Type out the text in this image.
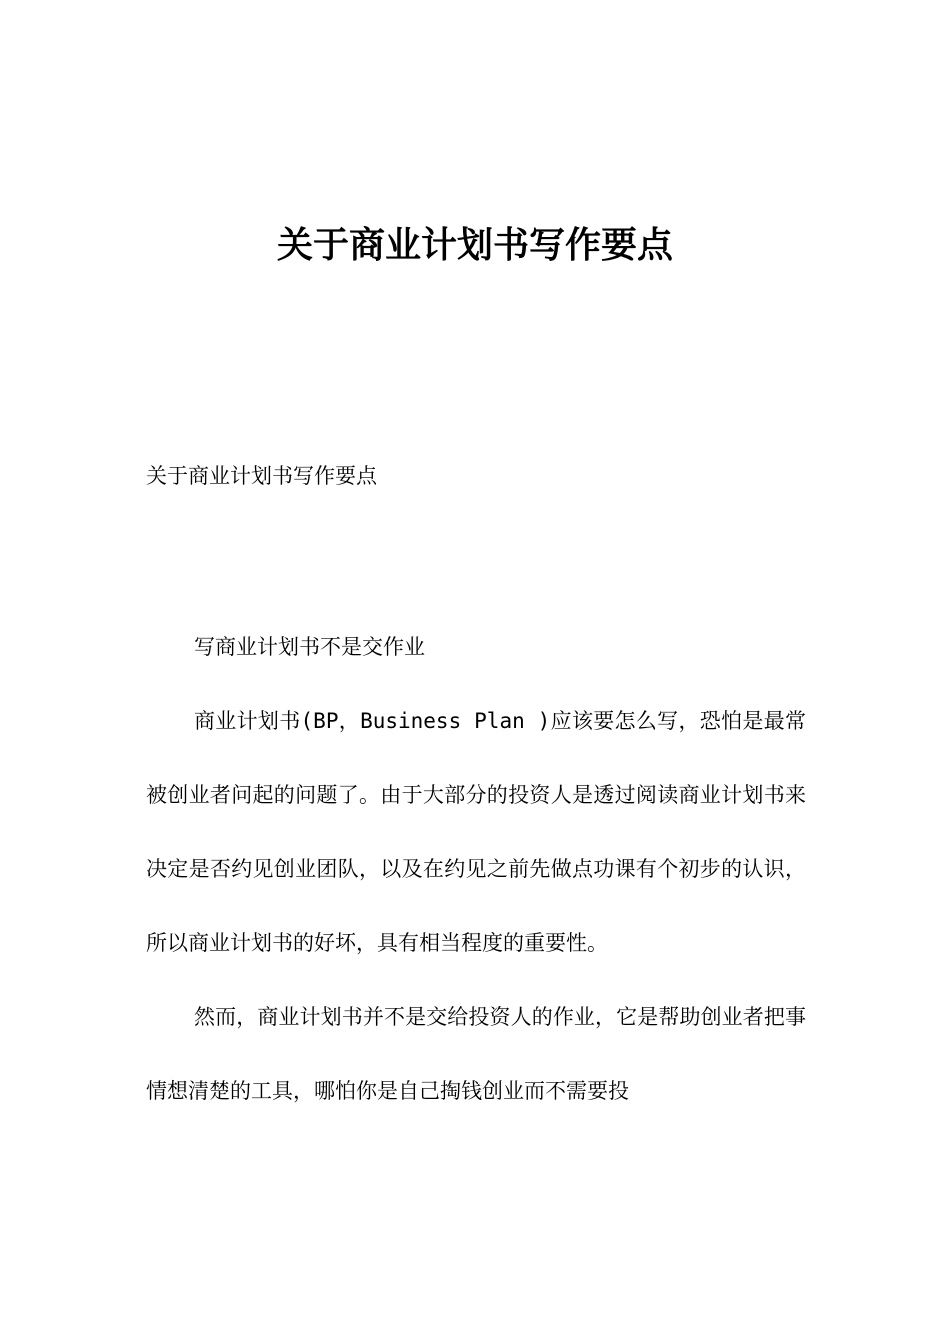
关于商业计划书写作要点
关于商业计划书写作要点

写商业计划书不是交作业

商业计划书(BP，Business Plan )应该要怎么写，恐怕是最常被创业者问起的问题了。由于大部分的投资人是透过阅读商业计划书来决定是否约见创业团队，以及在约见之前先做点功课有个初步的认识，所以商业计划书的好坏，具有相当程度的重要性。

然而，商业计划书并不是交给投资人的作业，它是帮助创业者把事情想清楚的工具，哪怕你是自己掏钱创业而不需要投
